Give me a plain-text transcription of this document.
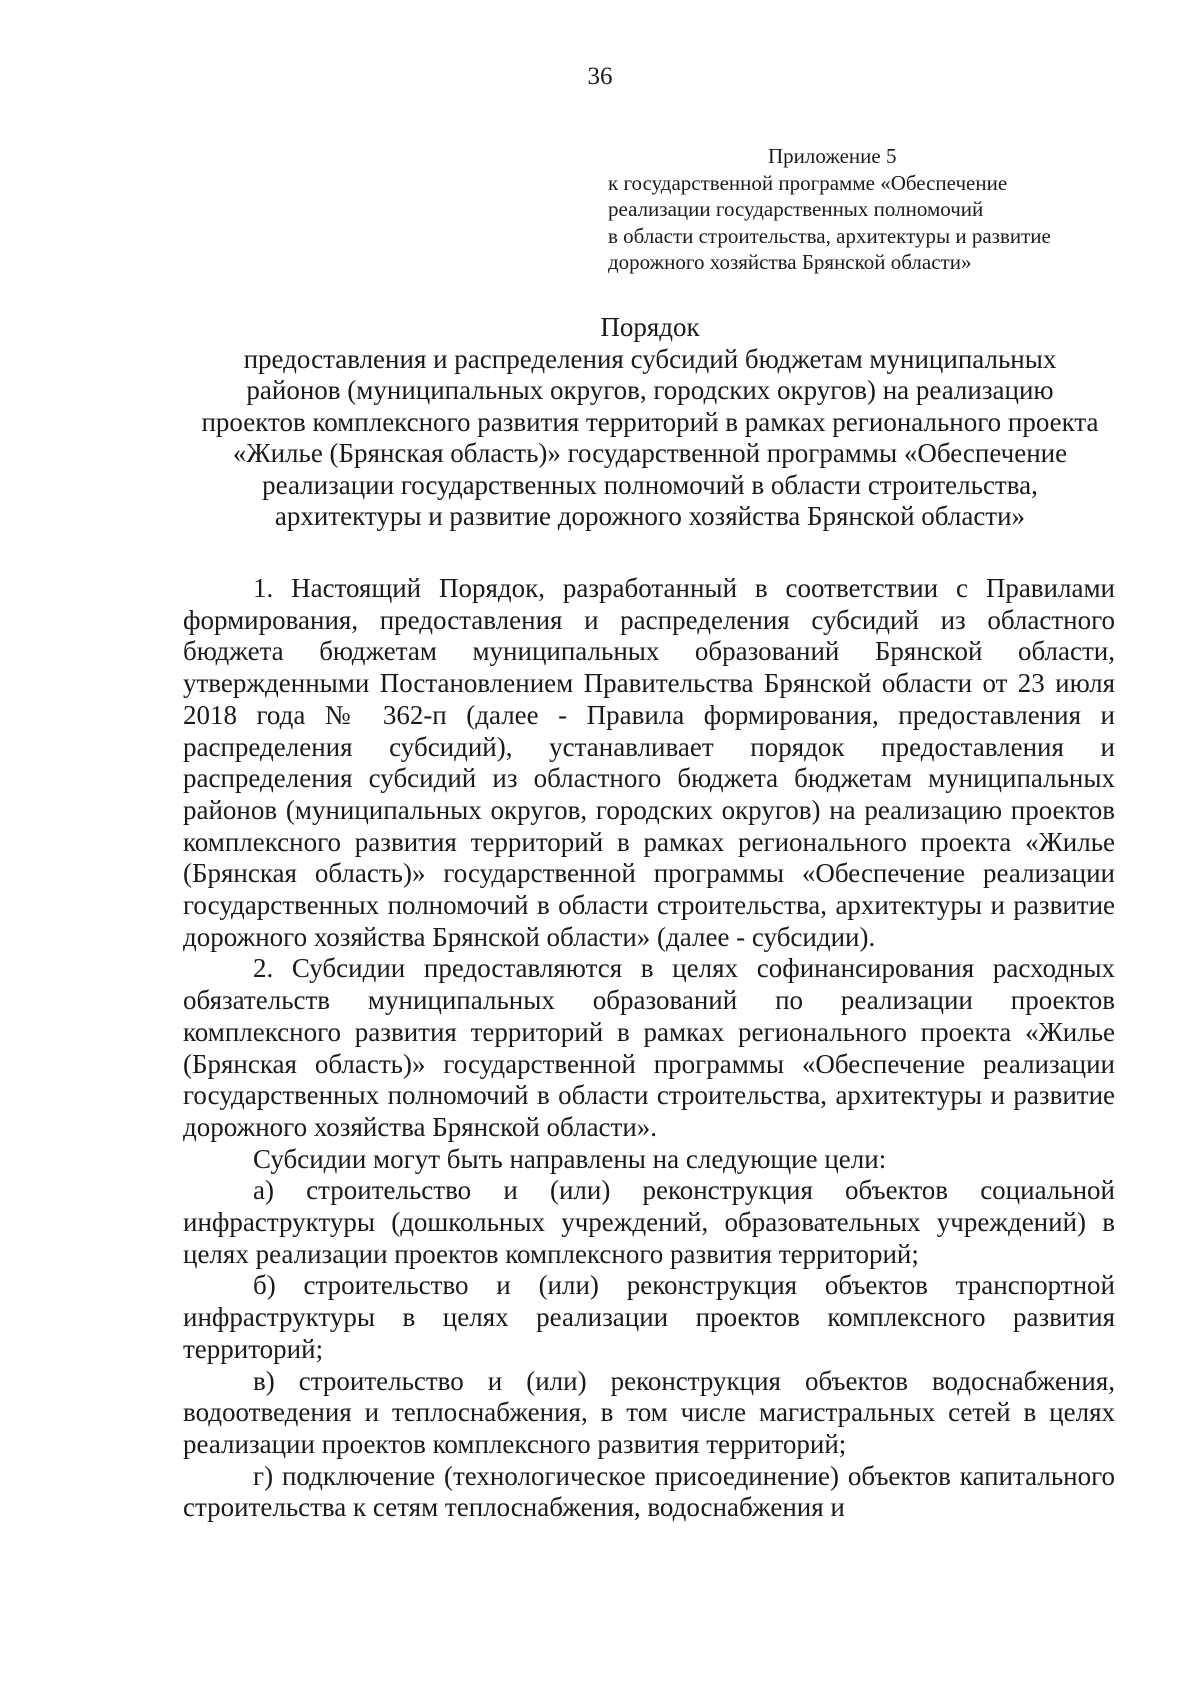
36
Приложение 5
к государственной программе «Обеспечение
реализации государственных полномочий
в области строительства, архитектуры и развитие
дорожного хозяйства Брянской области»
Порядок
предоставления и распределения субсидий бюджетам муниципальных
районов (муниципальных округов, городских округов) на реализацию
проектов комплексного развития территорий в рамках регионального проекта
«Жилье (Брянская область)» государственной программы «Обеспечение
реализации государственных полномочий в области строительства,
архитектуры и развитие дорожного хозяйства Брянской области»

1. Настоящий Порядок, разработанный в соответствии с Правилами формирования, предоставления и распределения субсидий из областного бюджета бюджетам муниципальных образований Брянской области, утвержденными Постановлением Правительства Брянской области от 23 июля 2018 года № 362-п (далее - Правила формирования, предоставления и распределения субсидий), устанавливает порядок предоставления и распределения субсидий из областного бюджета бюджетам муниципальных районов (муниципальных округов, городских округов) на реализацию проектов комплексного развития территорий в рамках регионального проекта «Жилье (Брянская область)» государственной программы «Обеспечение реализации государственных полномочий в области строительства, архитектуры и развитие дорожного хозяйства Брянской области» (далее - субсидии).

2. Субсидии предоставляются в целях софинансирования расходных обязательств муниципальных образований по реализации проектов комплексного развития территорий в рамках регионального проекта «Жилье (Брянская область)» государственной программы «Обеспечение реализации государственных полномочий в области строительства, архитектуры и развитие дорожного хозяйства Брянской области».

Субсидии могут быть направлены на следующие цели:

а) строительство и (или) реконструкция объектов социальной инфраструктуры (дошкольных учреждений, образовательных учреждений) в целях реализации проектов комплексного развития территорий;

б) строительство и (или) реконструкция объектов транспортной инфраструктуры в целях реализации проектов комплексного развития территорий;

в) строительство и (или) реконструкция объектов водоснабжения, водоотведения и теплоснабжения, в том числе магистральных сетей в целях реализации проектов комплексного развития территорий;

г) подключение (технологическое присоединение) объектов капитального строительства к сетям теплоснабжения, водоснабжения и
